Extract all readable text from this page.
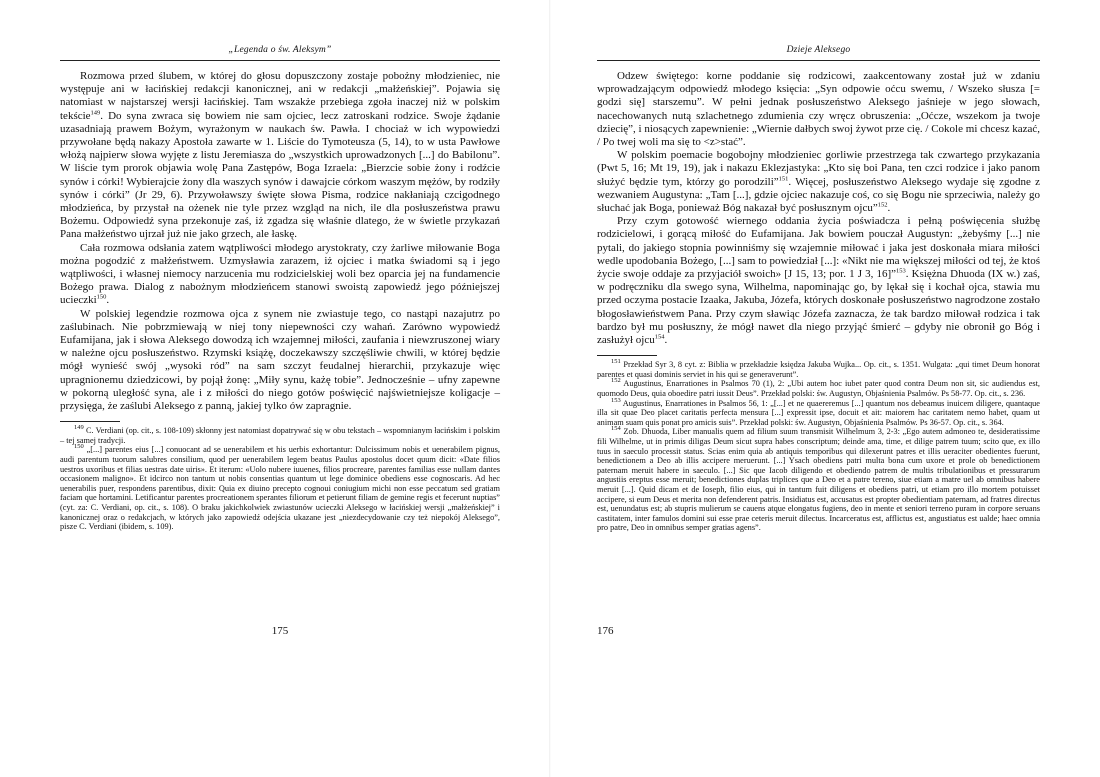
„Legenda o św. Aleksym”

Rozmowa przed ślubem, w której do głosu dopuszczony zostaje pobożny młodzieniec, nie występuje ani w łacińskiej redakcji kanonicznej, ani w redakcji „małżeńskiej”. Pojawia się natomiast w najstarszej wersji łacińskiej. Tam wszakże przebiega zgoła inaczej niż w polskim tekście$^{149}$. Do syna zwraca się bowiem nie sam ojciec, lecz zatroskani rodzice. Swoje żądanie uzasadniają prawem Bożym, wyrażonym w naukach św. Pawła. I chociaż w ich wypowiedzi przywołane będą nakazy Apostoła zawarte w 1. Liście do Tymoteusza (5, 14), to w usta Pawłowe włożą najpierw słowa wyjęte z listu Jeremiasza do „wszystkich uprowadzonych [...] do Babilonu”. W liście tym prorok objawia wolę Pana Zastępów, Boga Izraela: „Bierzcie sobie żony i rodźcie synów i córki! Wybierajcie żony dla waszych synów i dawajcie córkom waszym mężów, by rodziły synów i córki” (Jr 29, 6). Przywoławszy święte słowa Pisma, rodzice nakłaniają czcigodnego młodzieńca, by przystał na ożenek nie tyle przez wzgląd na nich, ile dla posłuszeństwa prawu Bożemu. Odpowiedź syna przekonuje zaś, iż zgadza się właśnie dlatego, że w świetle przykazań Pana małżeństwo ujrzał już nie jako grzech, ale łaskę.

Cała rozmowa odsłania zatem wątpliwości młodego arystokraty, czy żarliwe miłowanie Boga można pogodzić z małżeństwem. Uzmysławia zarazem, iż ojciec i matka świadomi są i jego wątpliwości, i własnej niemocy narzucenia mu rodzicielskiej woli bez oparcia jej na fundamencie Bożego prawa. Dialog z nabożnym młodzieńcem stanowi swoistą zapowiedź jego późniejszej ucieczki$^{150}$.

W polskiej legendzie rozmowa ojca z synem nie zwiastuje tego, co nastąpi nazajutrz po zaślubinach. Nie pobrzmiewają w niej tony niepewności czy wahań. Zarówno wypowiedź Eufamijana, jak i słowa Aleksego dowodzą ich wzajemnej miłości, zaufania i niewzruszonej wiary w należne ojcu posłuszeństwo. Rzymski książę, doczekawszy szczęśliwie chwili, w której będzie mógł wynieść swój „wysoki ród” na sam szczyt feudalnej hierarchii, przykazuje więc upragnionemu dziedzicowi, by pojął żonę: „Miły synu, każę tobie”. Jednocześnie – ufny zapewne w pokorną uległość syna, ale i z miłości do niego gotów poświęcić najświetniejsze koligacje – przysięga, że zaślubi Aleksego z panną, jakiej tylko ów zapragnie.

$^{149}$ C. Verdiani (op. cit., s. 108-109) skłonny jest natomiast dopatrywać się w obu tekstach – wspomnianym łacińskim i polskim – tej samej tradycji.

$^{150}$ „[...] parentes eius [...] conuocant ad se uenerabilem et his uerbis exhortantur: Dulcissimum nobis et uenerabilem pignus, audi parentum tuorum salubres consilium, quod per uenerabilem legem beatus Paulus apostolus docet quum dicit: «Date filios uestros uxoribus et filias uestras date uiris». Et iterum: «Uolo nubere iuuenes, filios procreare, parentes familias esse nullam dantes occasionem maligno». Et idcirco non tantum ut nobis consentias quantum ut lege dominice obediens esse cognoscaris. Ad hec uenerabilis puer, respondens parentibus, dixit: Quia ex diuino precepto cognoui coniugium michi non esse peccatum sed gratiam faciam que hortamini. Letificantur parentes procreationem sperantes filiorum et petierunt filiam de gemine regis et fecerunt nuptias” (cyt. za: C. Verdiani, op. cit., s. 108). O braku jakichkolwiek zwiastunów ucieczki Aleksego w łacińskiej wersji „małżeńskiej” i kanonicznej oraz o redakcjach, w których jako zapowiedź odejścia ukazane jest „niezdecydowanie czy też niepokój Aleksego”, pisze C. Verdiani (ibidem, s. 109).

175
Dzieje Aleksego

Odzew świętego: korne poddanie się rodzicowi, zaakcentowany został już w zdaniu wprowadzającym odpowiedź młodego księcia: „Syn odpowie oćcu swemu, / Wszeko słusza [= godzi się] starszemu”. W pełni jednak posłuszeństwo Aleksego jaśnieje w jego słowach, nacechowanych nutą szlachetnego zdumienia czy wręcz obruszenia: „Oćcze, wszekom ja twoje dziecię”, i niosących zapewnienie: „Wiernie dałbych swoj żywot prze cię. / Cokole mi chcesz kazać, / Po twej woli ma się to <z>stać”.

W polskim poemacie bogobojny młodzieniec gorliwie przestrzega tak czwartego przykazania (Pwt 5, 16; Mt 19, 19), jak i nakazu Eklezjastyka: „Kto się boi Pana, ten czci rodzice i jako panom służyć będzie tym, którzy go porodzili”$^{151}$. Więcej, posłuszeństwo Aleksego wydaje się zgodne z wezwaniem Augustyna: „Tam [...], gdzie ojciec nakazuje coś, co się Bogu nie sprzeciwia, należy go słuchać jak Boga, ponieważ Bóg nakazał być posłusznym ojcu”$^{152}$.

Przy czym gotowość wiernego oddania życia poświadcza i pełną poświęcenia służbę rodzicielowi, i gorącą miłość do Eufamijana. Jak bowiem pouczał Augustyn: „żebyśmy [...] nie pytali, do jakiego stopnia powinniśmy się wzajemnie miłować i jaka jest doskonała miara miłości wedle upodobania Bożego, [...] sam to powiedział [...]: «Nikt nie ma większej miłości od tej, że ktoś życie swoje oddaje za przyjaciół swoich» [J 15, 13; por. 1 J 3, 16]”$^{153}$. Księżna Dhuoda (IX w.) zaś, w podręczniku dla swego syna, Wilhelma, napominając go, by lękał się i kochał ojca, stawia mu przed oczyma postacie Izaaka, Jakuba, Józefa, których doskonałe posłuszeństwo nagrodzone zostało błogosławieństwem Pana. Przy czym sławiąc Józefa zaznacza, że tak bardzo miłował rodzica i tak bardzo był mu posłuszny, że mógł nawet dla niego przyjąć śmierć – gdyby nie obronił go Bóg i zasłużył ojcu$^{154}$.

$^{151}$ Przekład Syr 3, 8 cyt. z: Biblia w przekładzie księdza Jakuba Wujka... Op. cit., s. 1351. Wulgata: „qui timet Deum honorat parentes et quasi dominis serviet in his qui se generaverunt”.

$^{152}$ Augustinus, Enarrationes in Psalmos 70 (1), 2: „Ubi autem hoc iubet pater quod contra Deum non sit, sic audiendus est, quomodo Deus, quia oboedire patri iussit Deus”. Przekład polski: św. Augustyn, Objaśnienia Psalmów. Ps 58-77. Op. cit., s. 236.

$^{153}$ Augustinus, Enarrationes in Psalmos 56, 1: „[...] et ne quaereremus [...] quantum nos debeamus inuicem diligere, quantaque illa sit quae Deo placet caritatis perfecta mensura [...] expressit ipse, docuit et ait: maiorem hac caritatem nemo habet, quam ut animam suam quis ponat pro amicis suis”. Przekład polski: św. Augustyn, Objaśnienia Psalmów. Ps 36-57. Op. cit., s. 364.

$^{154}$ Zob. Dhuoda, Liber manualis quem ad filium suum transmisit Wilhelmum 3, 2-3: „Ego autem admoneo te, desideratissime fili Wilhelme, ut in primis diligas Deum sicut supra habes conscriptum; deinde ama, time, et dilige patrem tuum; scito que, ex illo tuus in saeculo processit status. Scias enim quia ab antiquis temporibus qui dilexerunt patres et illis ueraciter obedientes fuerunt, benedictionem a Deo ab illis accipere meruerunt. [...] Ysach obediens patri multa bona cum uxore et prole ob benedictionem paternam meruit habere in saeculo. [...] Sic que Iacob diligendo et obediendo patrem de multis tribulationibus et pressurarum angustiis ereptus esse meruit; benedictiones duplas triplices que a Deo et a patre tereno, siue etiam a matre uel ab omnibus habere meruit [...]. Quid dicam et de Ioseph, filio eius, qui in tantum fuit diligens et obediens patri, ut etiam pro illo mortem potuisset accipere, si eum Deus et merita non defenderent patris. Insidiatus est, accusatus est propter obedientiam paternam, ad fratres directus est, uenundatus est; ab stupris mulierum se cauens atque elongatus fugiens, deo in mente et seniori terreno puram in corpore seruans castitatem, inter famulos domini sui esse prae ceteris meruit dilectus. Incarceratus est, afflictus est, angustiatus est ualde; haec omnia pro patre, Deo in omnibus semper gratias agens”.

176
